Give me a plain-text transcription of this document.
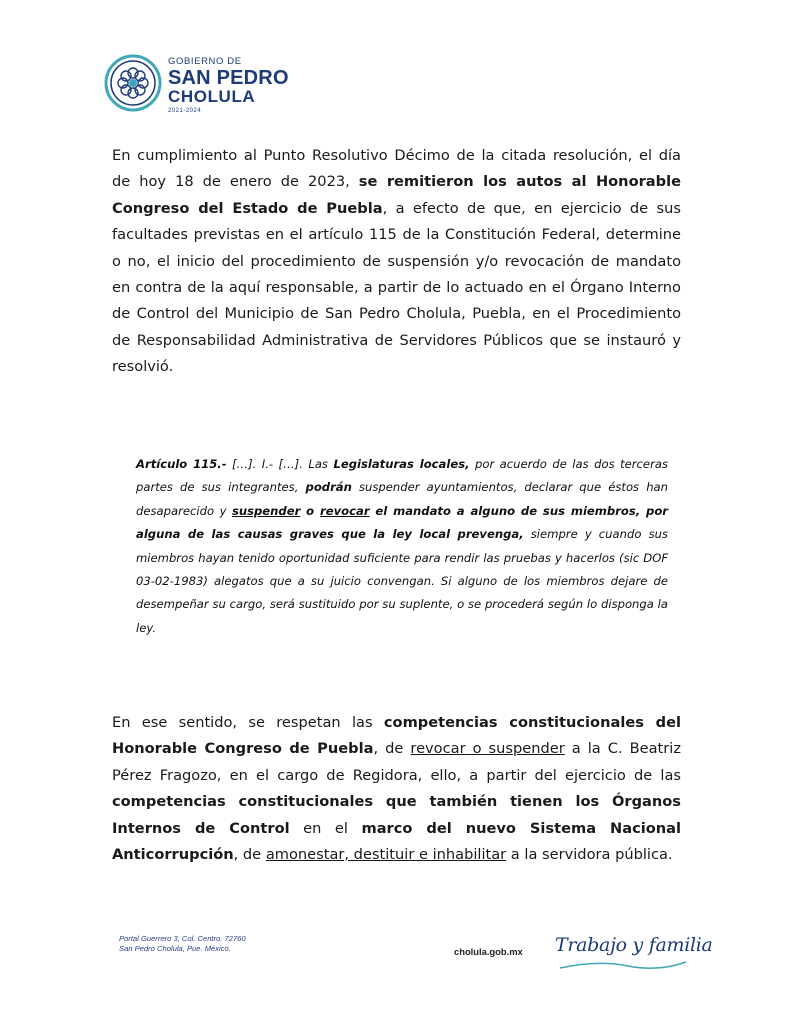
GOBIERNO DE
SAN PEDRO
CHOLULA
2021-2024

En cumplimiento al Punto Resolutivo Décimo de la citada resolución, el día de hoy 18 de enero de 2023, se remitieron los autos al Honorable Congreso del Estado de Puebla, a efecto de que, en ejercicio de sus facultades previstas en el artículo 115 de la Constitución Federal, determine o no, el inicio del procedimiento de suspensión y/o revocación de mandato en contra de la aquí responsable, a partir de lo actuado en el Órgano Interno de Control del Municipio de San Pedro Cholula, Puebla, en el Procedimiento de Responsabilidad Administrativa de Servidores Públicos que se instauró y resolvió.

Artículo 115.- […]. I.- […]. Las Legislaturas locales, por acuerdo de las dos terceras partes de sus integrantes, podrán suspender ayuntamientos, declarar que éstos han desaparecido y suspender o revocar el mandato a alguno de sus miembros, por alguna de las causas graves que la ley local prevenga, siempre y cuando sus miembros hayan tenido oportunidad suficiente para rendir las pruebas y hacerlos (sic DOF 03-02-1983) alegatos que a su juicio convengan. Si alguno de los miembros dejare de desempeñar su cargo, será sustituido por su suplente, o se procederá según lo disponga la ley.

En ese sentido, se respetan las competencias constitucionales del Honorable Congreso de Puebla, de revocar o suspender a la C. Beatriz Pérez Fragozo, en el cargo de Regidora, ello, a partir del ejercicio de las competencias constitucionales que también tienen los Órganos Internos de Control en el marco del nuevo Sistema Nacional Anticorrupción, de amonestar, destituir e inhabilitar a la servidora pública.

Portal Guerrero 3, Col. Centro. 72760
San Pedro Cholula, Pue. México.	cholula.gob.mx Trabajo y familia
